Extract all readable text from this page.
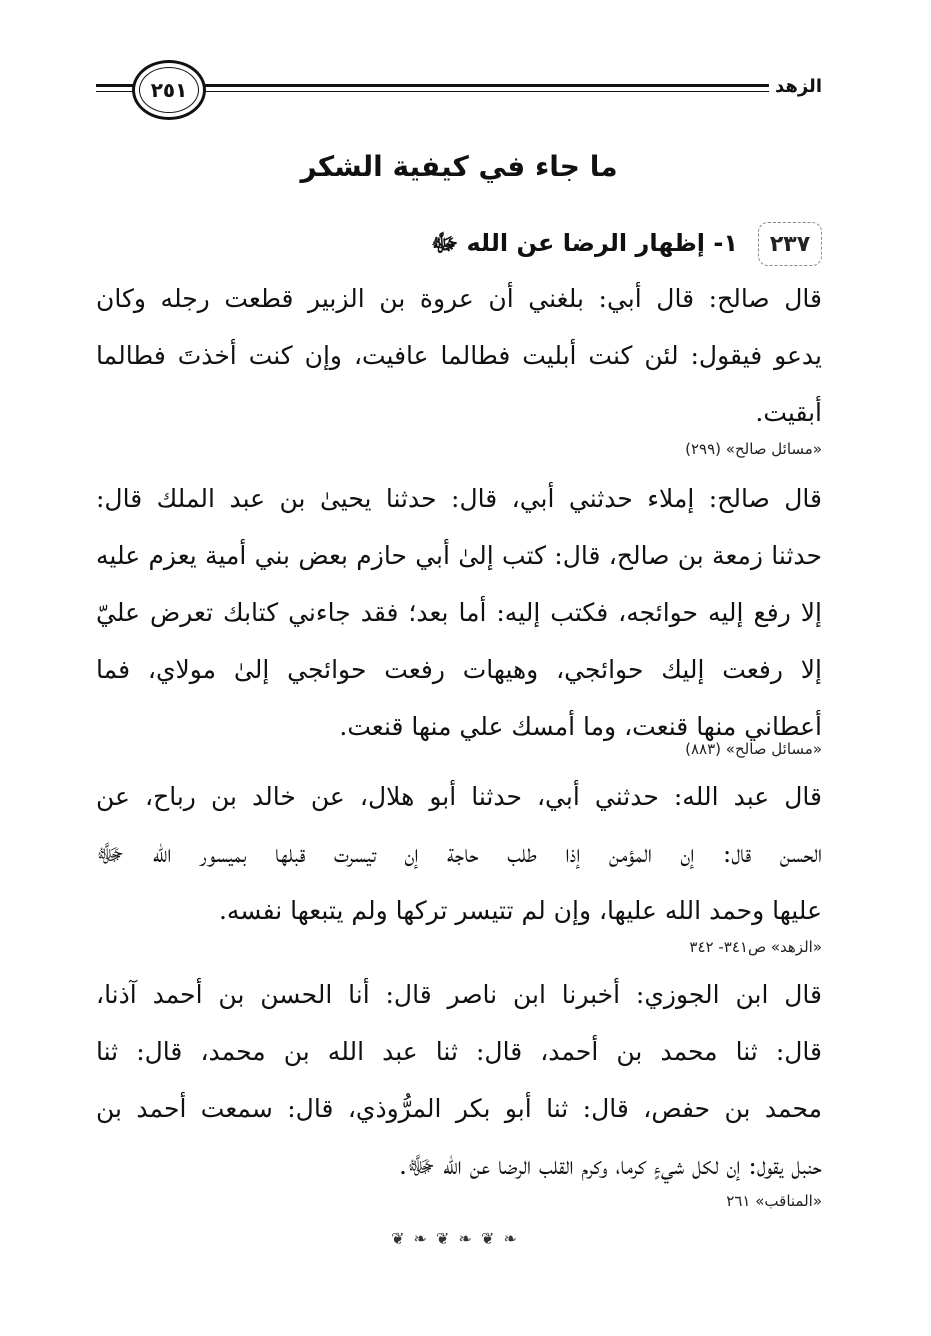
الزهد
٢٥١
ما جاء في كيفية الشكر
٢٣٧
١- إظهار الرضا عن الله ﷻ
قال صالح: قال أبي: بلغني أن عروة بن الزبير قطعت رجله وكان
يدعو فيقول: لئن كنت أبليت فطالما عافيت، وإن كنت أخذتَ فطالما
أبقيت.
«مسائل صالح» (٢٩٩)
قال صالح: إملاء حدثني أبي، قال: حدثنا يحيىٰ بن عبد الملك قال:
حدثنا زمعة بن صالح، قال: كتب إلىٰ أبي حازم بعض بني أمية يعزم عليه
إلا رفع إليه حوائجه، فكتب إليه: أما بعد؛ فقد جاءني كتابك تعرض عليّ
إلا رفعت إليك حوائجي، وهيهات رفعت حوائجي إلىٰ مولاي، فما
أعطاني منها قنعت، وما أمسك علي منها قنعت.
«مسائل صالح» (٨٨٣)
قال عبد الله: حدثني أبي، حدثنا أبو هلال، عن خالد بن رباح، عن
الحسن قال: إن المؤمن إذا طلب حاجة إن تيسرت قبلها بميسور الله ﷻ
عليها وحمد الله عليها، وإن لم تتيسر تركها ولم يتبعها نفسه.
«الزهد» ص٣٤١- ٣٤٢
قال ابن الجوزي: أخبرنا ابن ناصر قال: أنا الحسن بن أحمد آذنا،
قال: ثنا محمد بن أحمد، قال: ثنا عبد الله بن محمد، قال: ثنا
محمد بن حفص، قال: ثنا أبو بكر المرُّوذي، قال: سمعت أحمد بن
حنبل يقول: إن لكل شيءٍ كرما، وكرم القلب الرضا عن الله ﷻ.
«المناقب» ٢٦١
❦ ❧ ❦ ❧ ❦ ❧
